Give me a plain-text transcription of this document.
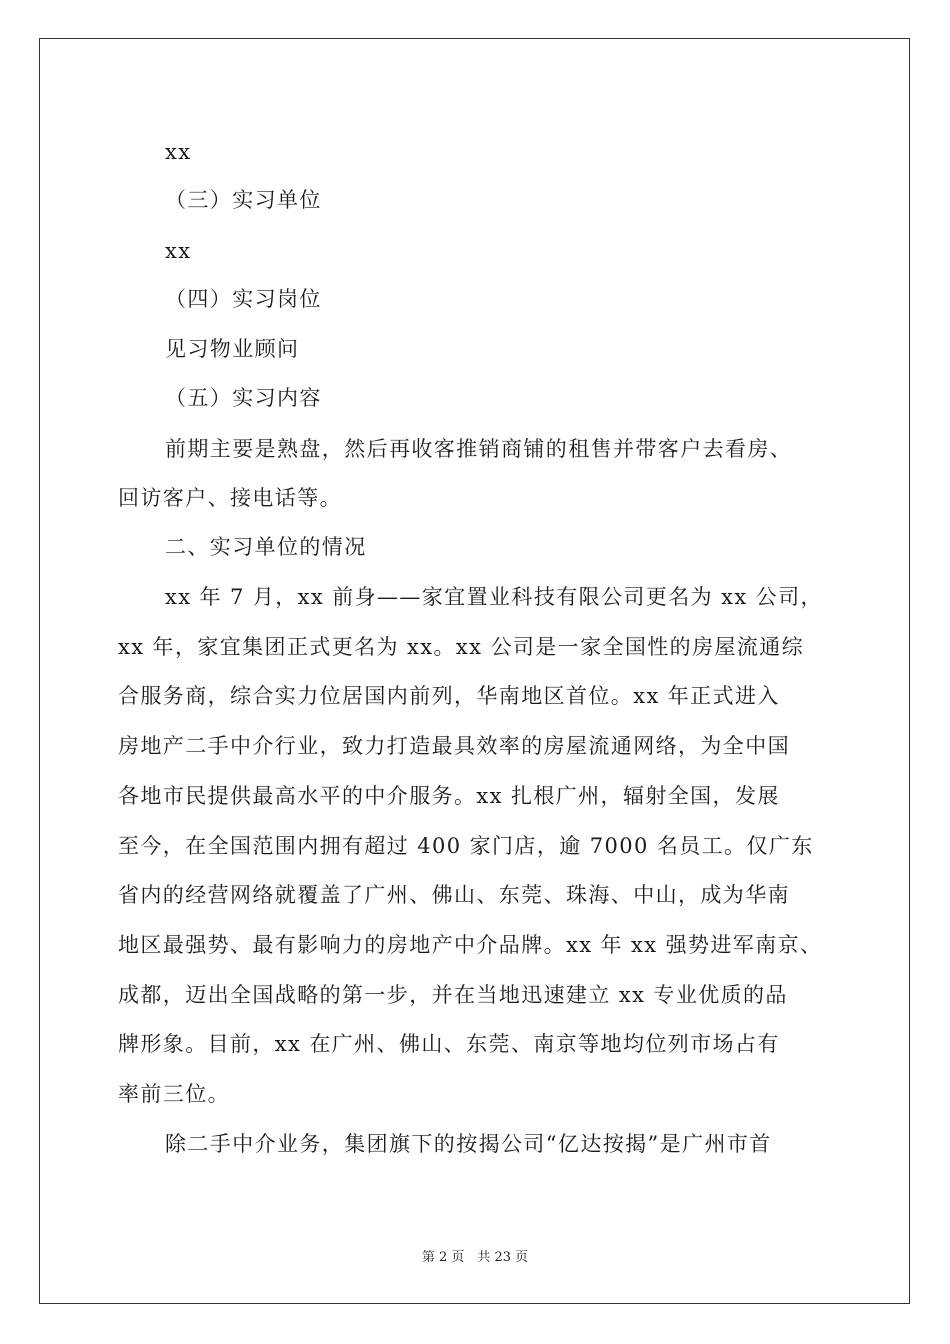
xx
（三）实习单位
xx
（四）实习岗位
见习物业顾问
（五）实习内容
前期主要是熟盘，然后再收客推销商铺的租售并带客户去看房、
回访客户、接电话等。
二、实习单位的情况
xx 年 7 月，xx 前身——家宜置业科技有限公司更名为 xx 公司，
xx 年，家宜集团正式更名为 xx。xx 公司是一家全国性的房屋流通综
合服务商，综合实力位居国内前列，华南地区首位。xx 年正式进入
房地产二手中介行业，致力打造最具效率的房屋流通网络，为全中国
各地市民提供最高水平的中介服务。xx 扎根广州，辐射全国，发展
至今，在全国范围内拥有超过 400 家门店，逾 7000 名员工。仅广东
省内的经营网络就覆盖了广州、佛山、东莞、珠海、中山，成为华南
地区最强势、最有影响力的房地产中介品牌。xx 年 xx 强势进军南京、
成都，迈出全国战略的第一步，并在当地迅速建立 xx 专业优质的品
牌形象。目前，xx 在广州、佛山、东莞、南京等地均位列市场占有
率前三位。
除二手中介业务，集团旗下的按揭公司“亿达按揭”是广州市首
第 2 页　共 23 页
